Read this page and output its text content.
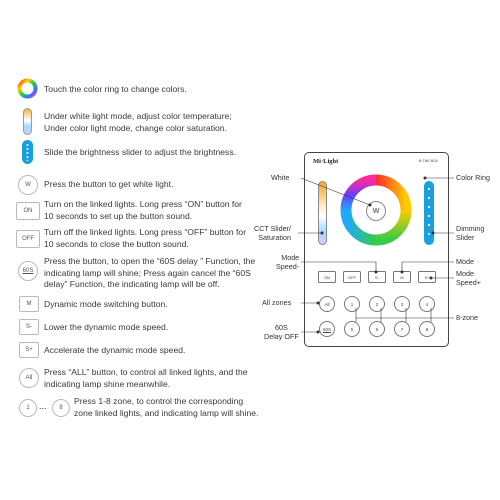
Touch the color ring to change colors.
Under white light mode, adjust color temperature;
Under color light mode, change color saturation.
Slide the brightness slider to adjust the brightness.
W Press the button to get white light.
ON
Turn on the linked lights. Long press “ON” button for
10 seconds to set up the button sound.
OFF
Turn off the linked lights. Long press “OFF” button for
10 seconds to close the button sound.
60S
Press the button, to open the “60S delay ” Function, the
indicating lamp will shine; Press again cancel the “60S
delay” Function, the indicating lamp will be off.
M Dynamic mode switching button.
S- Lower the dynamic mode speed.
S+ Accelerate the dynamic mode speed.
All
Press “ALL” button, to control all linked lights, and the
indicating lamp shine meanwhile.
1 ... 8
Press 1-8 zone, to control the corresponding
zone linked lights, and indicating lamp will shine.
Mi·Light	B-TNK-BOX
W
ON	OFF	S-	M	S+
All	1	2	3	4
60S	5	6	7	8
White	Color Ring
CCT Slider/
Saturation
Dimming
Slider
Mode
Speed-	Mode
Mode
Speed+
All zones
8-zone
60S
Delay OFF
